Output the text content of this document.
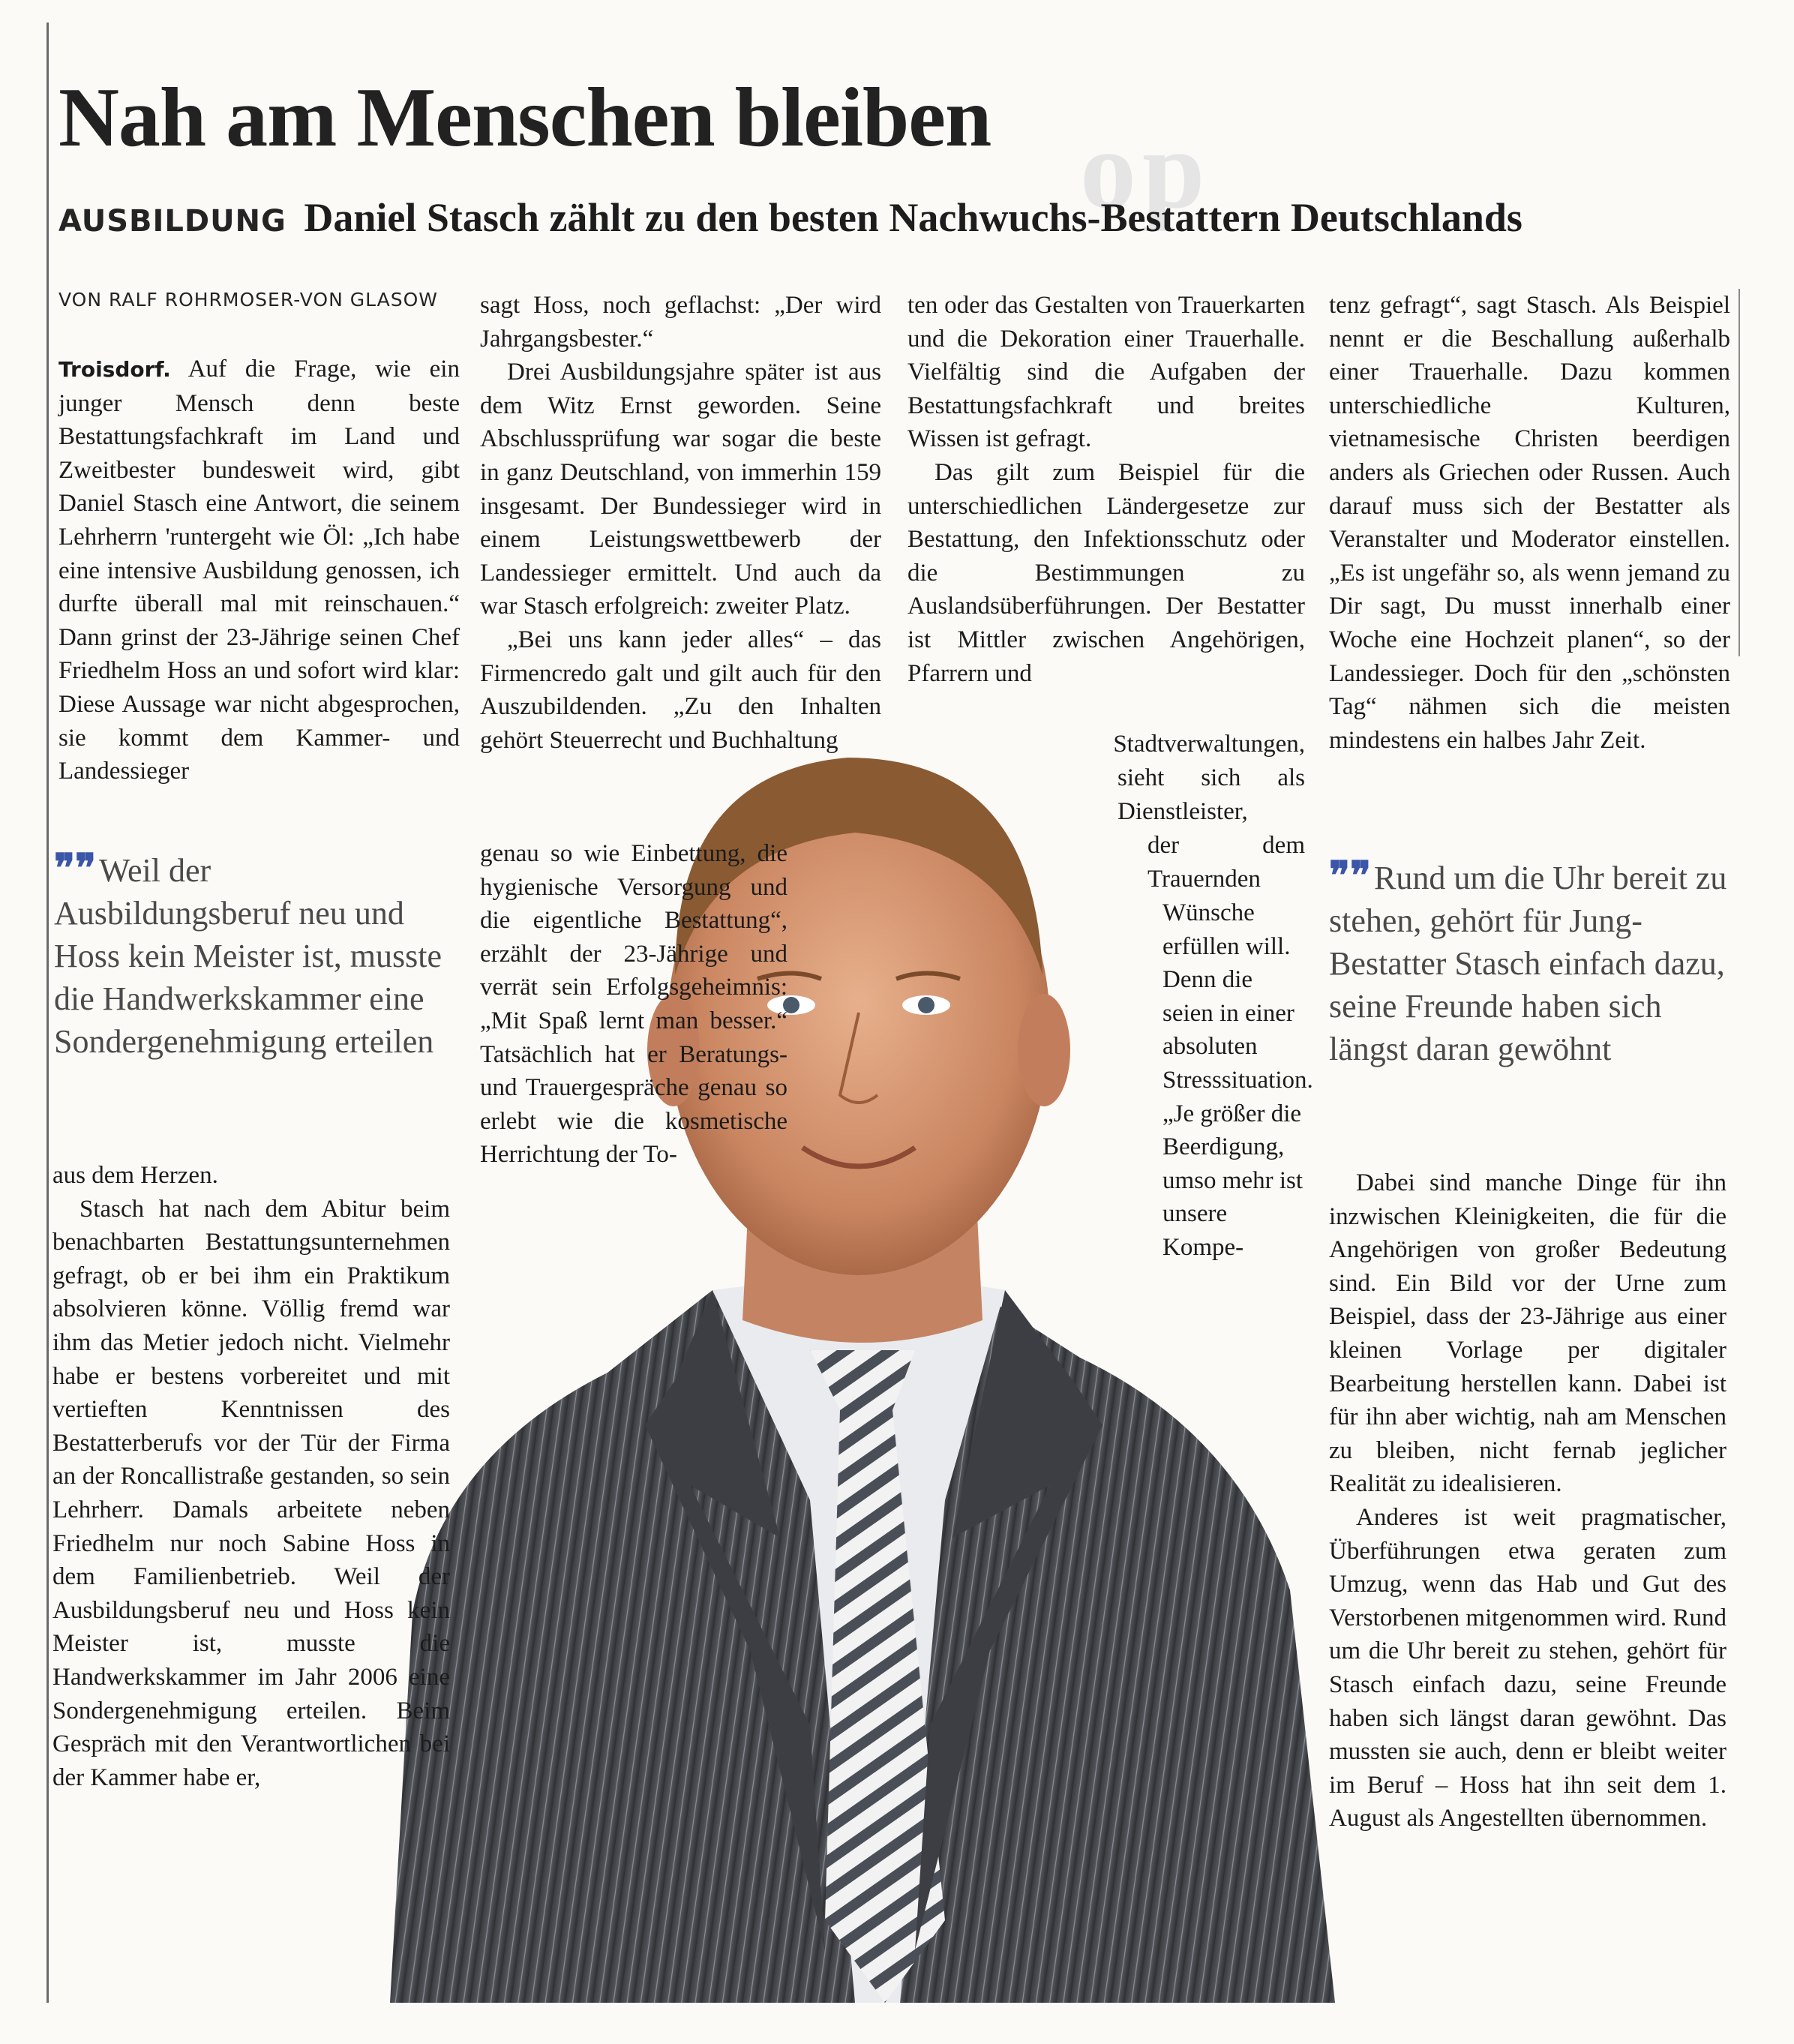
op
Nah am Menschen bleiben
AUSBILDUNG Daniel Stasch zählt zu den besten Nachwuchs-Bestattern Deutschlands
VON RALF ROHRMOSER-VON GLASOW

Troisdorf. Auf die Frage, wie ein junger Mensch denn beste Bestattungsfachkraft im Land und Zweitbester bundesweit wird, gibt Daniel Stasch eine Antwort, die seinem Lehrherrn 'runtergeht wie Öl: „Ich habe eine intensive Ausbildung genossen, ich durfte überall mal mit reinschauen.“ Dann grinst der 23-Jährige seinen Chef Friedhelm Hoss an und sofort wird klar: Diese Aussage war nicht abgesprochen, sie kommt dem Kammer- und Landessieger

❞❞Weil der Ausbildungsberuf neu und Hoss kein Meister ist, musste die Handwerkskammer eine Sondergenehmigung erteilen

aus dem Herzen.

Stasch hat nach dem Abitur beim benachbarten Bestattungsunternehmen gefragt, ob er bei ihm ein Praktikum absolvieren könne. Völlig fremd war ihm das Metier jedoch nicht. Vielmehr habe er bestens vorbereitet und mit vertieften Kenntnissen des Bestatterberufs vor der Tür der Firma an der Roncallistraße gestanden, so sein Lehrherr. Damals arbeitete neben Friedhelm nur noch Sabine Hoss in dem Familienbetrieb. Weil der Ausbildungsberuf neu und Hoss kein Meister ist, musste die Handwerkskammer im Jahr 2006 eine Sondergenehmigung erteilen. Beim Gespräch mit den Verantwortlichen bei der Kammer habe er,

sagt Hoss, noch geflachst: „Der wird Jahrgangsbester.“

Drei Ausbildungsjahre später ist aus dem Witz Ernst geworden. Seine Abschlussprüfung war sogar die beste in ganz Deutschland, von immerhin 159 insgesamt. Der Bundessieger wird in einem Leistungswettbewerb der Landessieger ermittelt. Und auch da war Stasch erfolgreich: zweiter Platz.

„Bei uns kann jeder alles“ – das Firmencredo galt und gilt auch für den Auszubildenden. „Zu den Inhalten gehört Steuerrecht und Buchhaltung

genau so wie Einbettung, die hygienische Versorgung und die eigentliche Bestattung“, erzählt der 23-Jährige und verrät sein Erfolgsgeheimnis: „Mit Spaß lernt man besser.“ Tatsächlich hat er Beratungs- und Trauergespräche genau so erlebt wie die kosmetische Herrichtung der To-

ten oder das Gestalten von Trauerkarten und die Dekoration einer Trauerhalle. Vielfältig sind die Aufgaben der Bestattungsfachkraft und breites Wissen ist gefragt.

Das gilt zum Beispiel für die unterschiedlichen Ländergesetze zur Bestattung, den Infektionsschutz oder die Bestimmungen zu Auslandsüberführungen. Der Bestatter ist Mittler zwischen Angehörigen, Pfarrern und

Stadtverwaltungen,

sieht sich als Dienstleister,

der dem Trauernden

Wünsche erfüllen will. Denn die seien in einer absoluten Stresssituation. „Je größer die Beerdigung, umso mehr ist unsere Kompe-

tenz gefragt“, sagt Stasch. Als Beispiel nennt er die Beschallung außerhalb einer Trauerhalle. Dazu kommen unterschiedliche Kulturen, vietnamesische Christen beerdigen anders als Griechen oder Russen. Auch darauf muss sich der Bestatter als Veranstalter und Moderator einstellen. „Es ist ungefähr so, als wenn jemand zu Dir sagt, Du musst innerhalb einer Woche eine Hochzeit planen“, so der Landessieger. Doch für den „schönsten Tag“ nähmen sich die meisten mindestens ein halbes Jahr Zeit.

❞❞Rund um die Uhr bereit zu stehen, gehört für Jung-Bestatter Stasch einfach dazu, seine Freunde haben sich längst daran gewöhnt

Dabei sind manche Dinge für ihn inzwischen Kleinigkeiten, die für die Angehörigen von großer Bedeutung sind. Ein Bild vor der Urne zum Beispiel, dass der 23-Jährige aus einer kleinen Vorlage per digitaler Bearbeitung herstellen kann. Dabei ist für ihn aber wichtig, nah am Menschen zu bleiben, nicht fernab jeglicher Realität zu idealisieren.

Anderes ist weit pragmatischer, Überführungen etwa geraten zum Umzug, wenn das Hab und Gut des Verstorbenen mitgenommen wird. Rund um die Uhr bereit zu stehen, gehört für Stasch einfach dazu, seine Freunde haben sich längst daran gewöhnt. Das mussten sie auch, denn er bleibt weiter im Beruf – Hoss hat ihn seit dem 1. August als Angestellten übernommen.
